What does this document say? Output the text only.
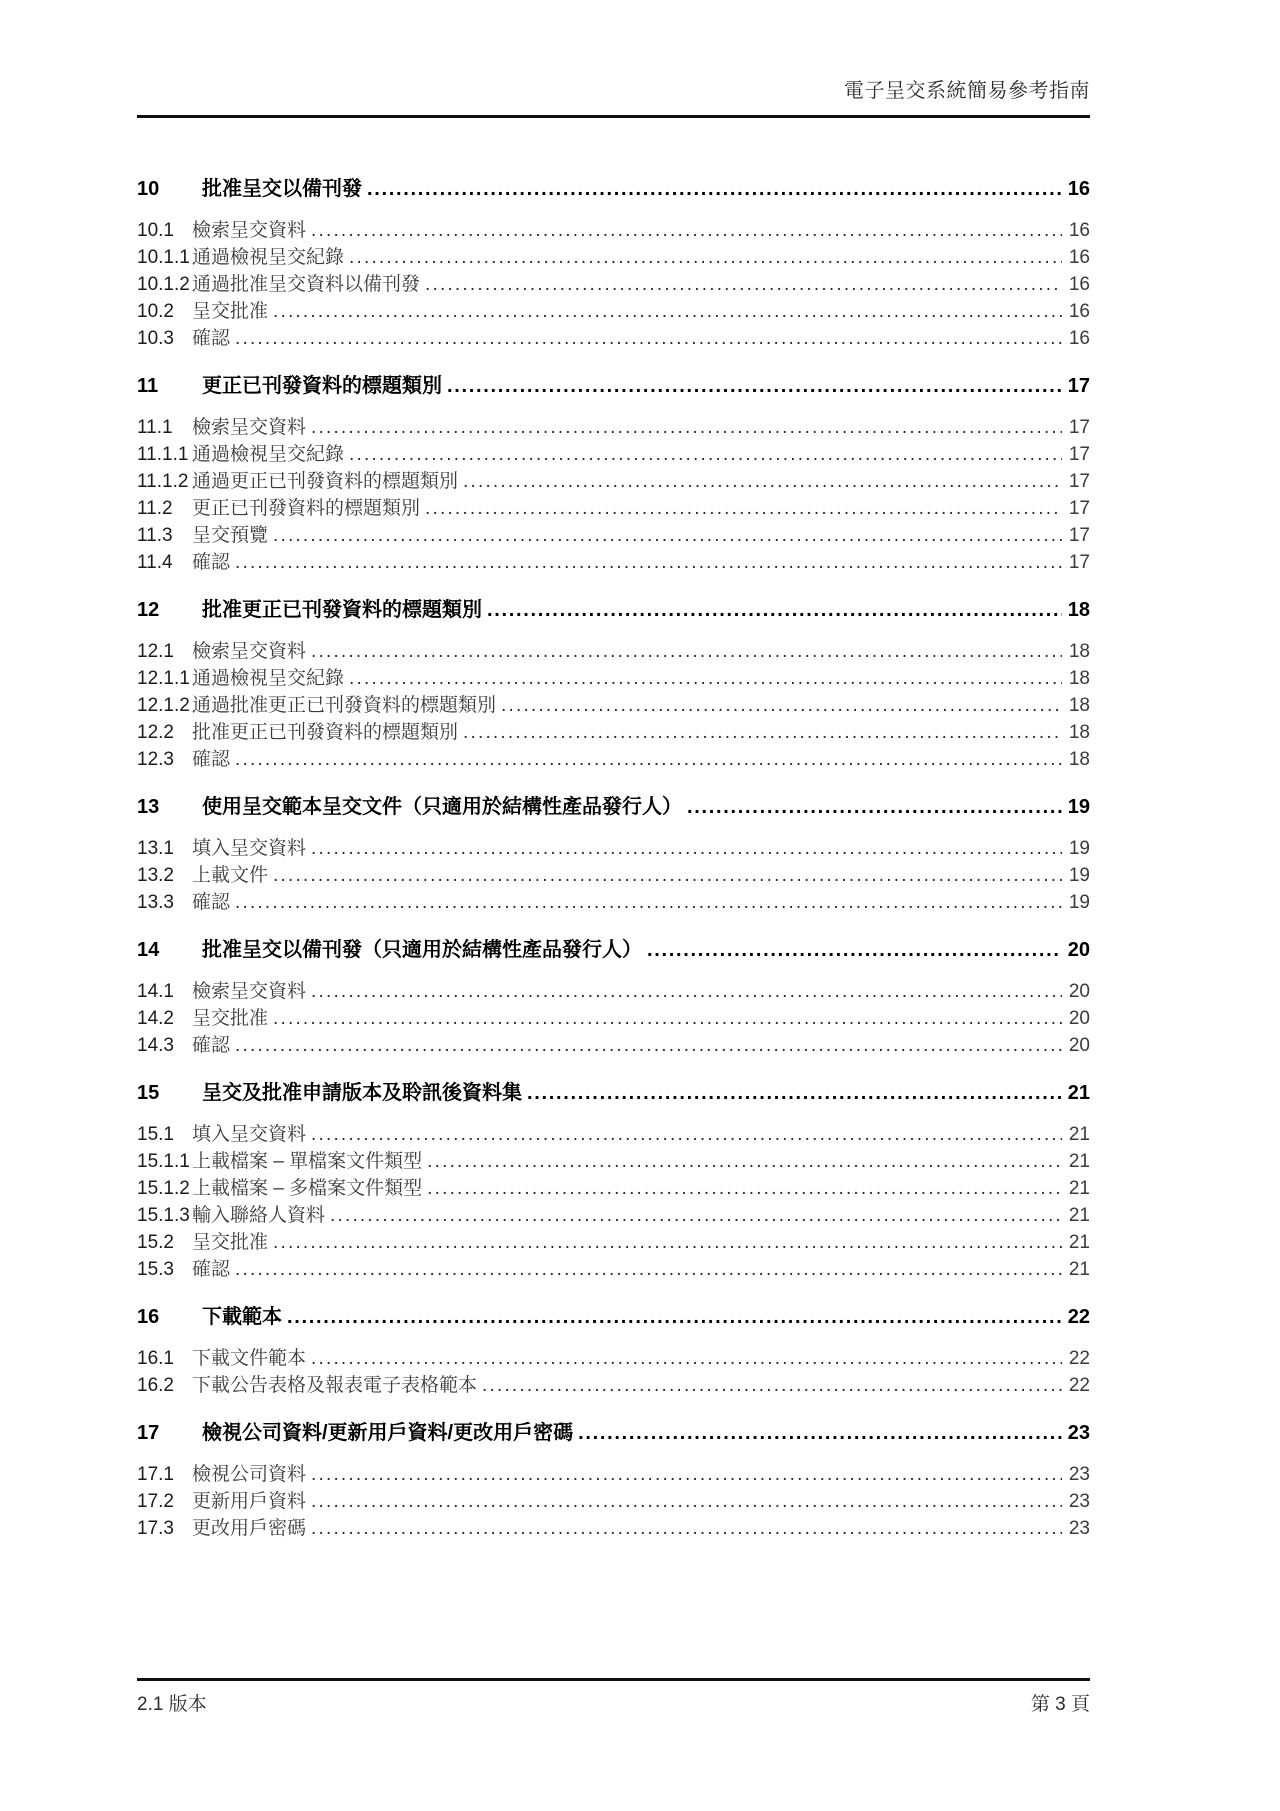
電子呈交系統簡易參考指南
10	批准呈交以備刊發 .....	16
10.1 檢索呈交資料 .....	16
10.1.1 通過檢視呈交紀錄 .....	16
10.1.2 通過批准呈交資料以備刊發 .....	16
10.2 呈交批准 .....	16
10.3 確認 .....	16
11	更正已刊發資料的標題類別 .....	17
11.1	檢索呈交資料 .....	17
11.1.1 通過檢視呈交紀錄 .....	17
11.1.2 通過更正已刊發資料的標題類別 .....	17
11.2	更正已刊發資料的標題類別 .....	17
11.3	呈交預覽 .....	17
11.4	確認 .....	17
12	批准更正已刊發資料的標題類別 .....	18
12.1 檢索呈交資料 .....	18
12.1.1 通過檢視呈交紀錄 .....	18
12.1.2 通過批准更正已刊發資料的標題類別 .....	18
12.2 批准更正已刊發資料的標題類別 .....	18
12.3 確認 .....	18
13	使用呈交範本呈交文件（只適用於結構性產品發行人） .....	19
13.1 填入呈交資料 .....	19
13.2 上載文件 .....	19
13.3 確認 .....	19
14	批准呈交以備刊發（只適用於結構性產品發行人） .....	20
14.1 檢索呈交資料 .....	20
14.2 呈交批准 .....	20
14.3 確認 .....	20
15	呈交及批准申請版本及聆訊後資料集 .....	21
15.1 填入呈交資料 .....	21
15.1.1 上載檔案 – 單檔案文件類型 .....	21
15.1.2 上載檔案 – 多檔案文件類型 .....	21
15.1.3 輸入聯絡人資料 .....	21
15.2 呈交批准 .....	21
15.3 確認 .....	21
16	下載範本 .....	22
16.1 下載文件範本 .....	22
16.2 下載公告表格及報表電子表格範本 .....	22
17	檢視公司資料/更新用戶資料/更改用戶密碼 .....	23
17.1 檢視公司資料 .....	23
17.2 更新用戶資料 .....	23
17.3 更改用戶密碼 .....	23
2.1 版本	第 3 頁
